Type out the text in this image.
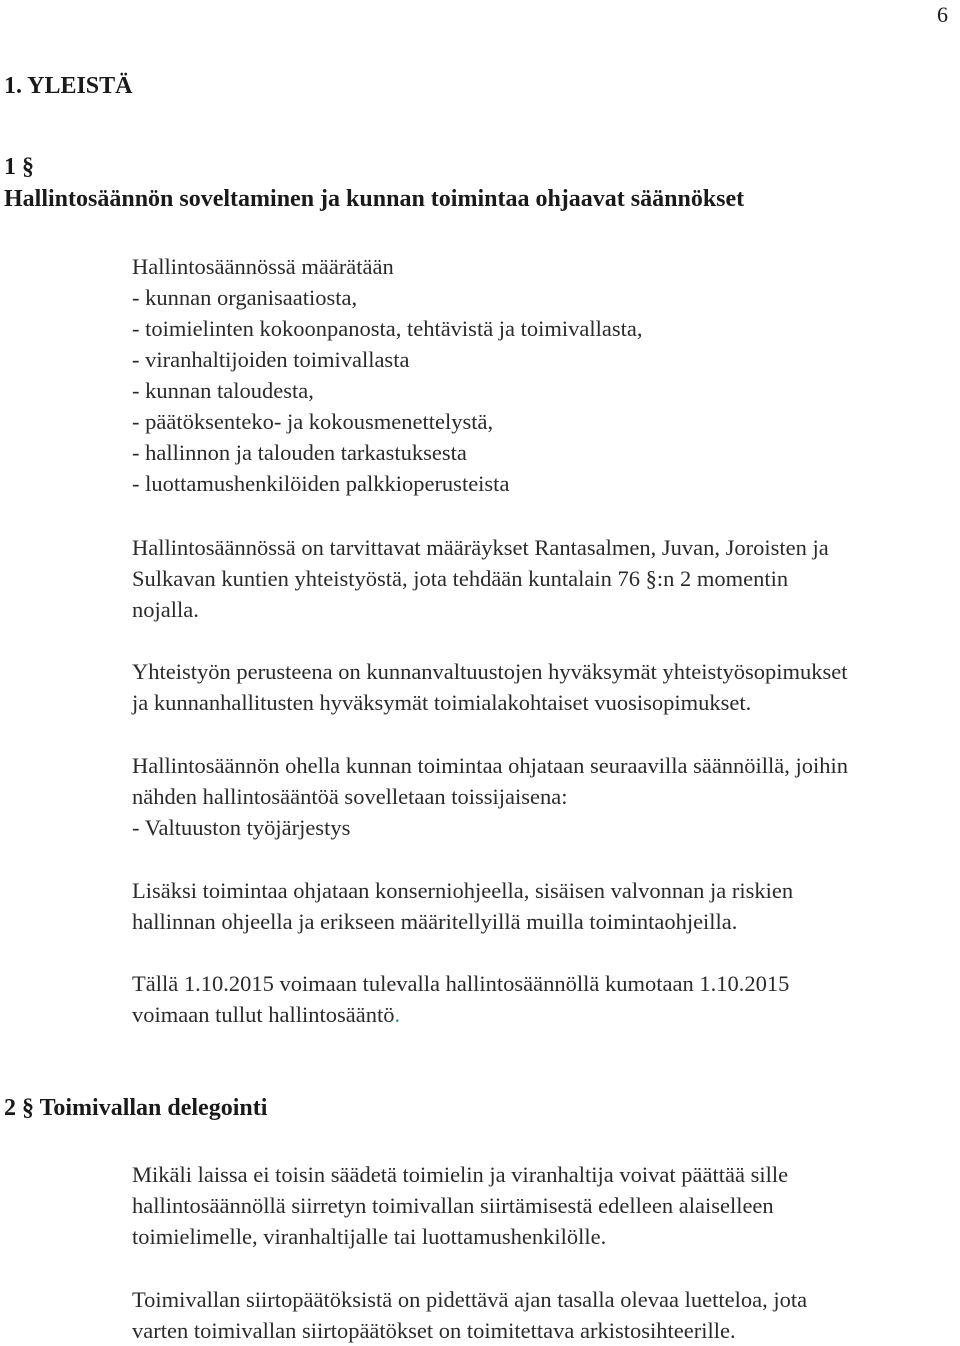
6
1. YLEISTÄ
1 §
Hallintosäännön soveltaminen ja kunnan toimintaa ohjaavat säännökset
Hallintosäännössä määrätään
- kunnan organisaatiosta,
- toimielinten kokoonpanosta, tehtävistä ja toimivallasta,
- viranhaltijoiden toimivallasta
- kunnan taloudesta,
- päätöksenteko- ja kokousmenettelystä,
- hallinnon ja talouden tarkastuksesta
- luottamushenkilöiden palkkioperusteista
Hallintosäännössä on tarvittavat määräykset Rantasalmen, Juvan, Joroisten ja
Sulkavan kuntien yhteistyöstä, jota tehdään kuntalain 76 §:n 2 momentin
nojalla.
Yhteistyön perusteena on kunnanvaltuustojen hyväksymät yhteistyösopimukset
ja kunnanhallitusten hyväksymät toimialakohtaiset vuosisopimukset.
Hallintosäännön ohella kunnan toimintaa ohjataan seuraavilla säännöillä, joihin
nähden hallintosääntöä sovelletaan toissijaisena:
- Valtuuston työjärjestys
Lisäksi toimintaa ohjataan konserniohjeella, sisäisen valvonnan ja riskien
hallinnan ohjeella ja erikseen määritellyillä muilla toimintaohjeilla.
Tällä 1.10.2015 voimaan tulevalla hallintosäännöllä kumotaan 1.10.2015
voimaan tullut hallintosääntö.
2 § Toimivallan delegointi
Mikäli laissa ei toisin säädetä toimielin ja viranhaltija voivat päättää sille
hallintosäännöllä siirretyn toimivallan siirtämisestä edelleen alaiselleen
toimielimelle, viranhaltijalle tai luottamushenkilölle.
Toimivallan siirtopäätöksistä on pidettävä ajan tasalla olevaa luetteloa, jota
varten toimivallan siirtopäätökset on toimitettava arkistosihteerille.
